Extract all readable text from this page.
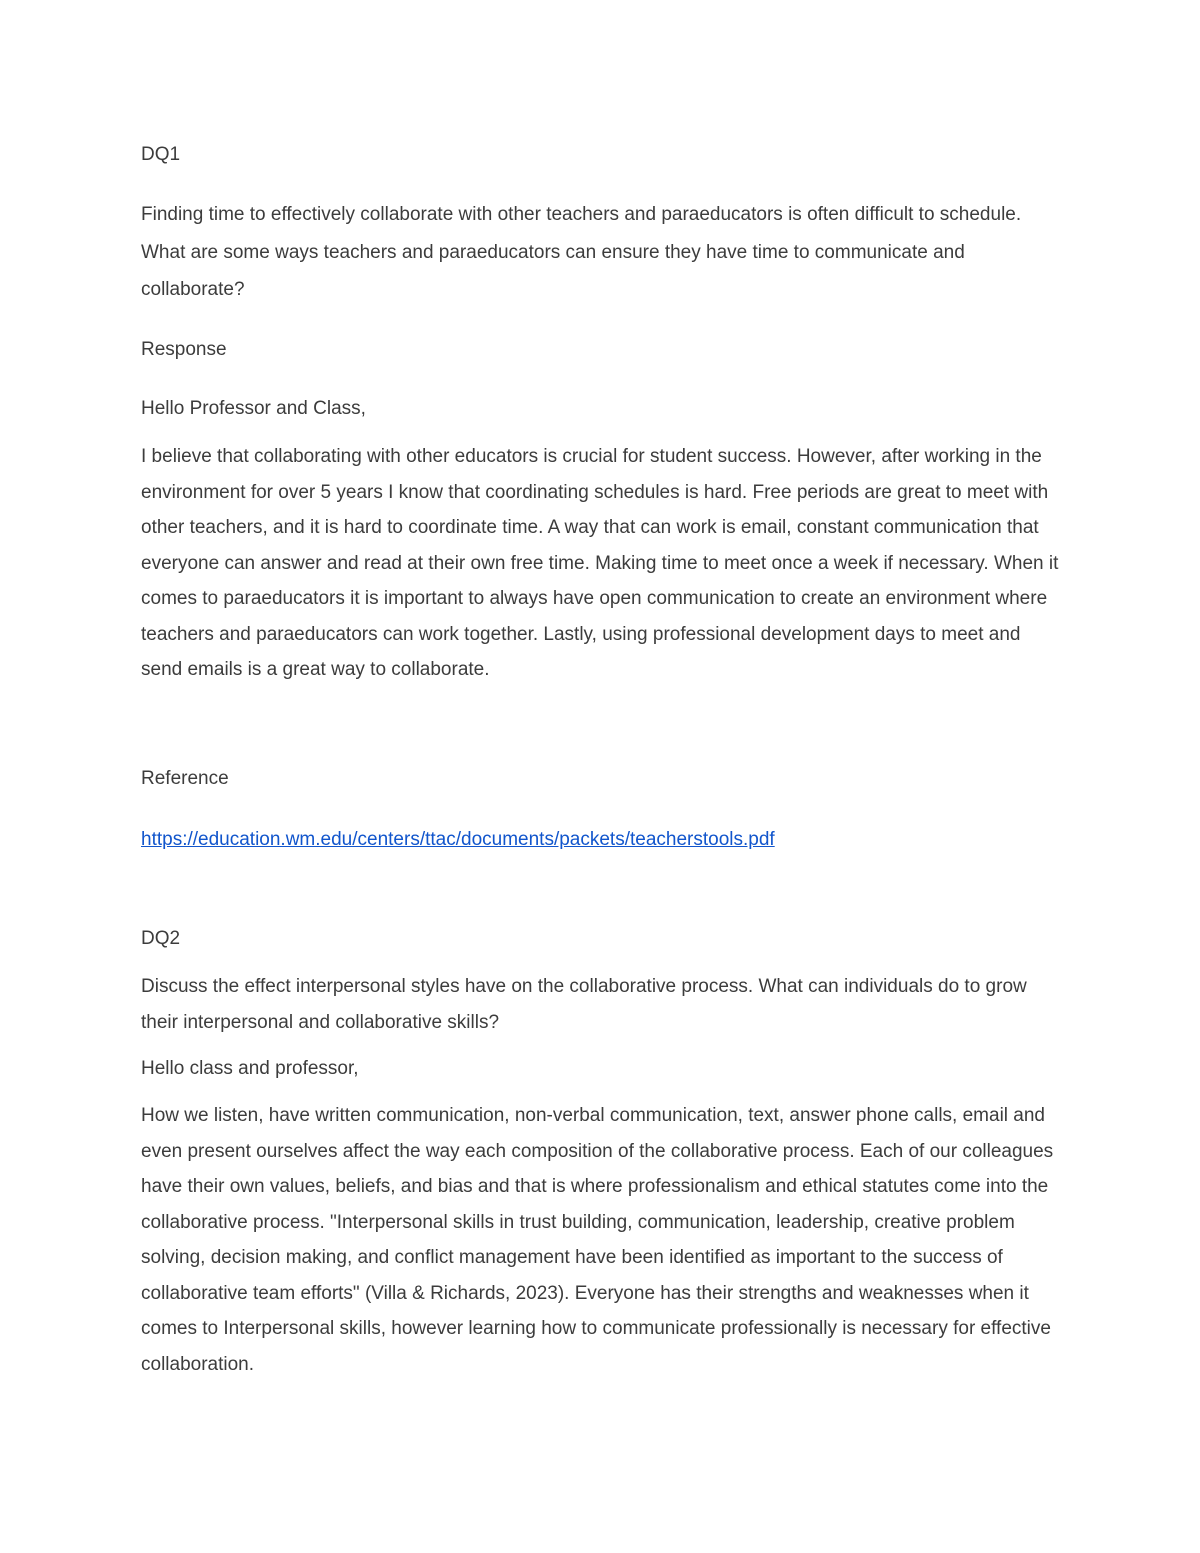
DQ1

Finding time to effectively collaborate with other teachers and paraeducators is often difficult to schedule. What are some ways teachers and paraeducators can ensure they have time to communicate and collaborate?

Response

Hello Professor and Class,

I believe that collaborating with other educators is crucial for student success. However, after working in the environment for over 5 years I know that coordinating schedules is hard. Free periods are great to meet with other teachers, and it is hard to coordinate time. A way that can work is email, constant communication that everyone can answer and read at their own free time. Making time to meet once a week if necessary. When it comes to paraeducators it is important to always have open communication to create an environment where teachers and paraeducators can work together. Lastly, using professional development days to meet and send emails is a great way to collaborate.

Reference

https://education.wm.edu/centers/ttac/documents/packets/teacherstools.pdf

DQ2

Discuss the effect interpersonal styles have on the collaborative process. What can individuals do to grow their interpersonal and collaborative skills?

Hello class and professor,

How we listen, have written communication, non-verbal communication, text, answer phone calls, email and even present ourselves affect the way each composition of the collaborative process. Each of our colleagues have their own values, beliefs, and bias and that is where professionalism and ethical statutes come into the collaborative process. "Interpersonal skills in trust building, communication, leadership, creative problem solving, decision making, and conflict management have been identified as important to the success of collaborative team efforts" (Villa & Richards, 2023). Everyone has their strengths and weaknesses when it comes to Interpersonal skills, however learning how to communicate professionally is necessary for effective collaboration.
